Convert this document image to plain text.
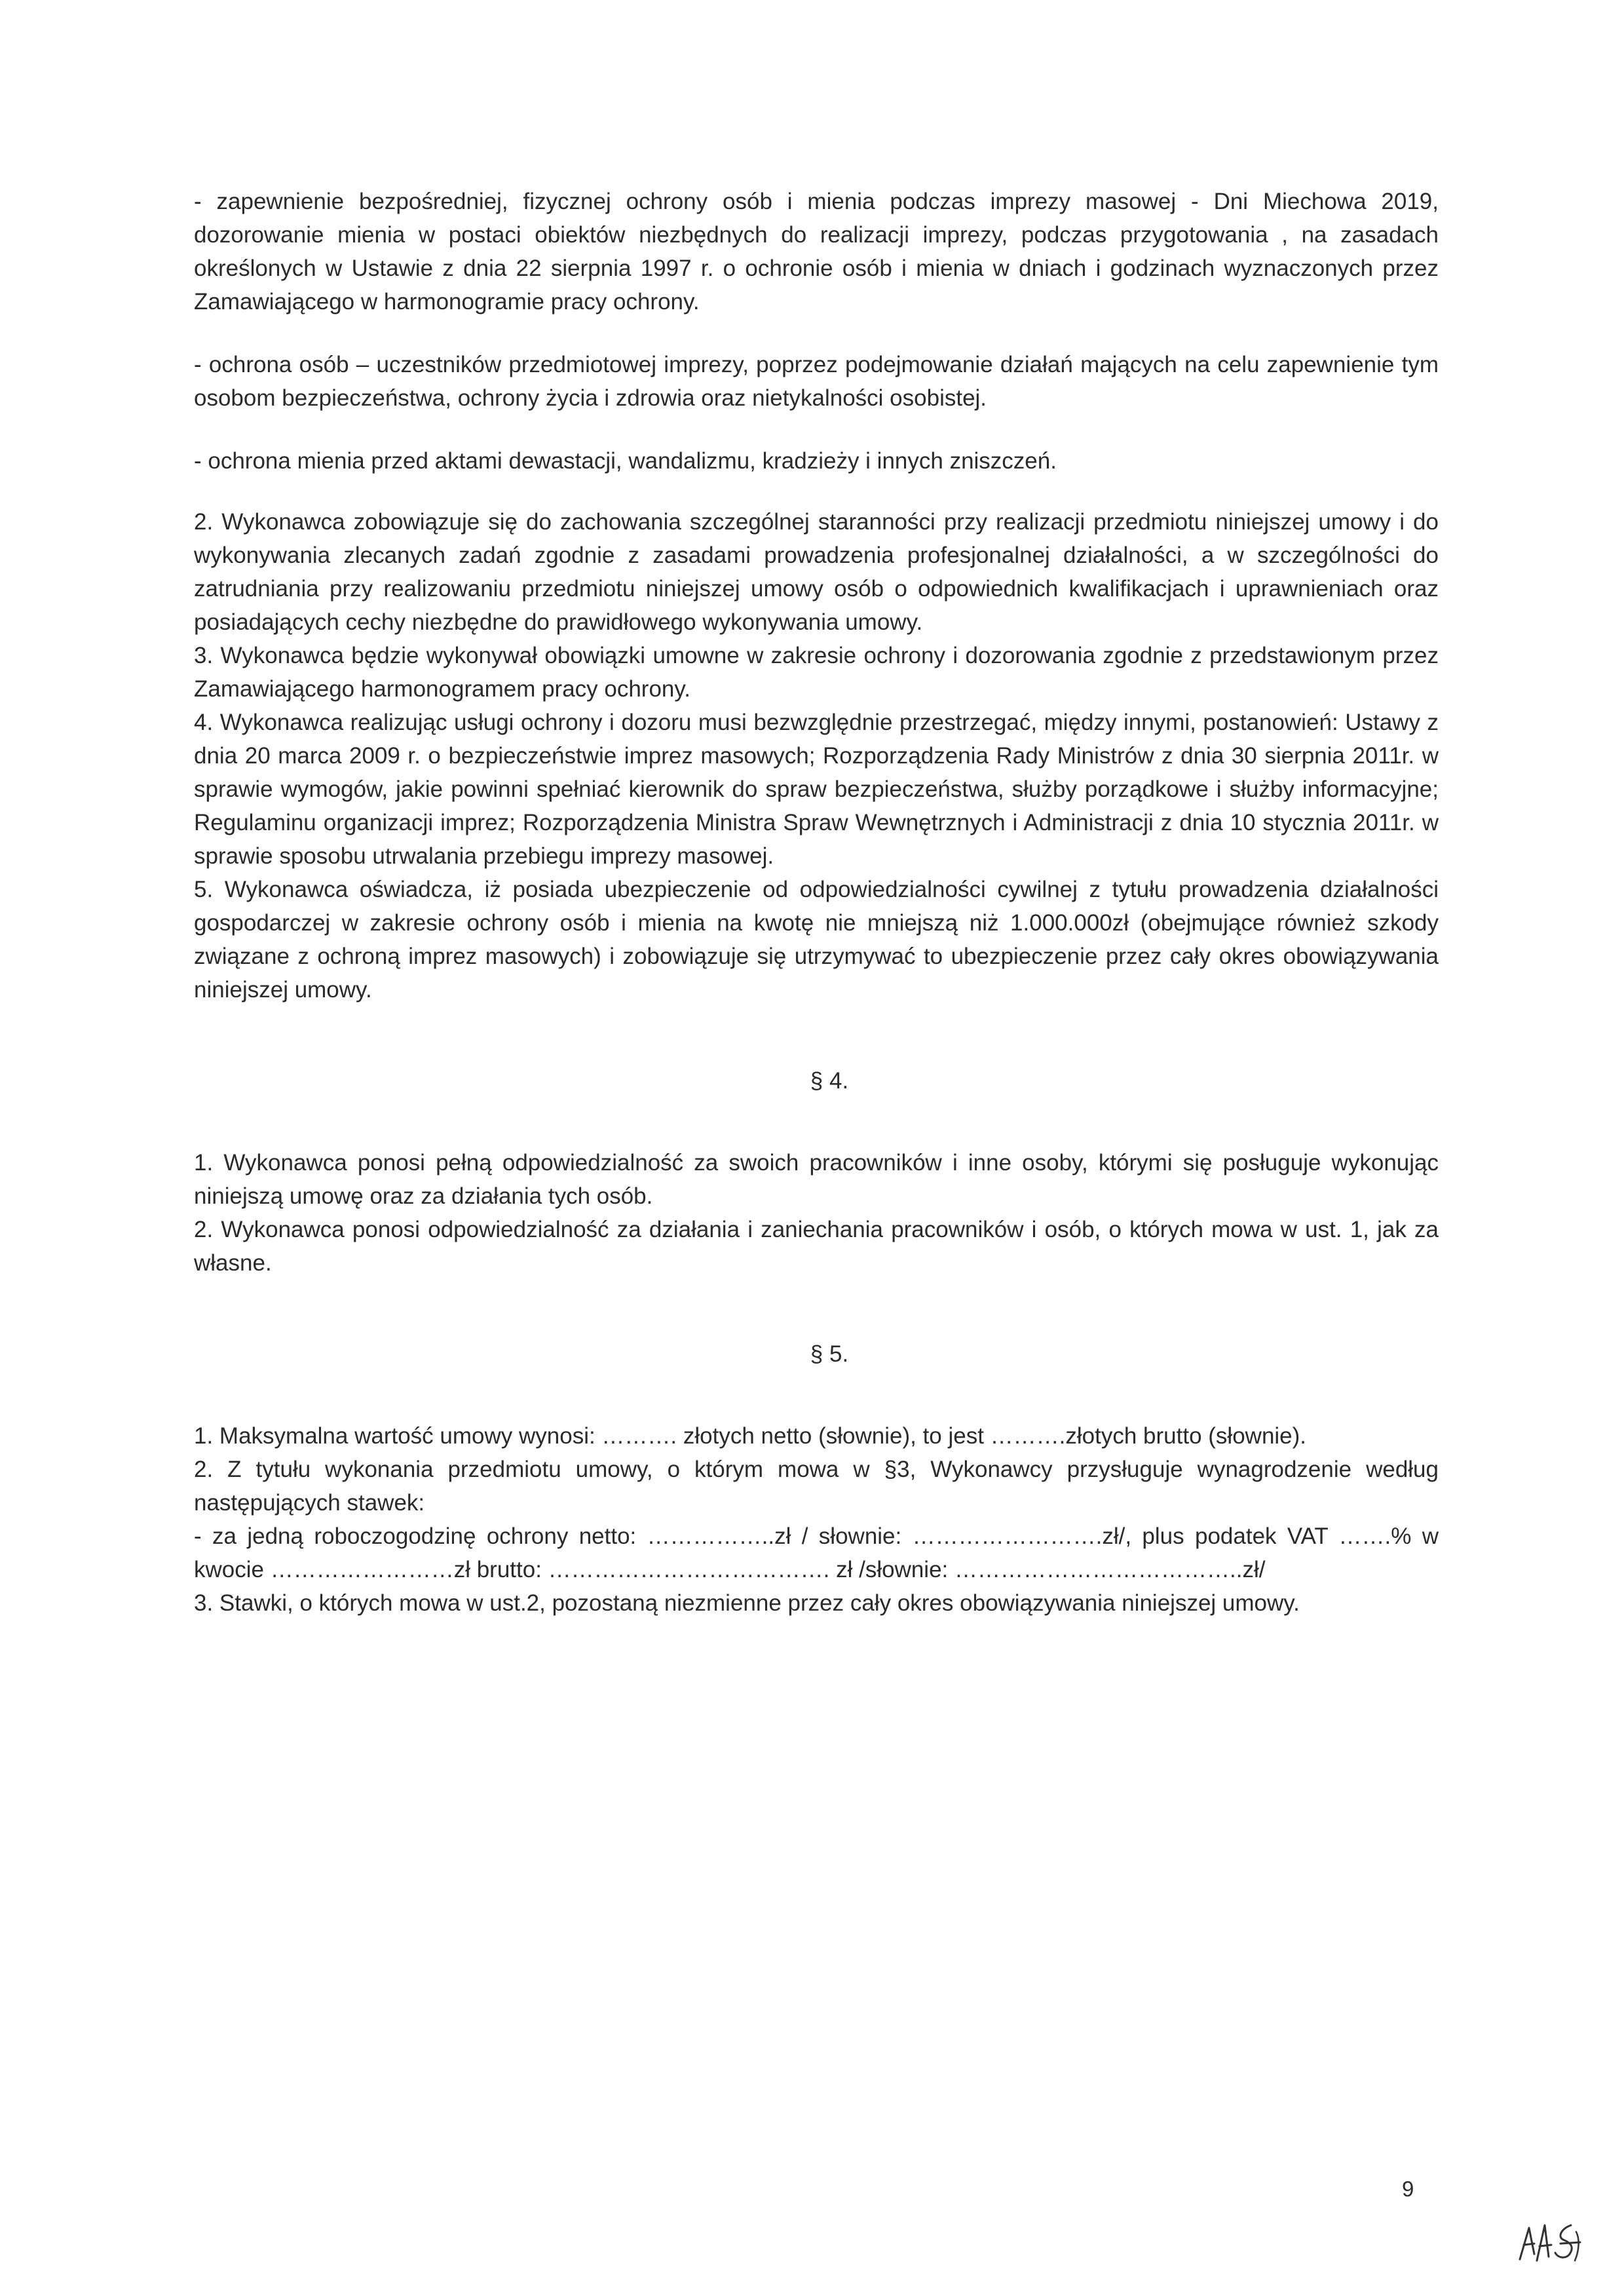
- zapewnienie bezpośredniej, fizycznej ochrony osób i mienia podczas imprezy masowej - Dni Miechowa 2019, dozorowanie mienia w postaci obiektów niezbędnych do realizacji imprezy, podczas przygotowania , na zasadach określonych w Ustawie z dnia 22 sierpnia 1997 r. o ochronie osób i mienia w dniach i godzinach wyznaczonych przez Zamawiającego w harmonogramie pracy ochrony.

- ochrona osób – uczestników przedmiotowej imprezy, poprzez podejmowanie działań mających na celu zapewnienie tym osobom bezpieczeństwa, ochrony życia i zdrowia oraz nietykalności osobistej.

- ochrona mienia przed aktami dewastacji, wandalizmu, kradzieży i innych zniszczeń.

2. Wykonawca zobowiązuje się do zachowania szczególnej staranności przy realizacji przedmiotu niniejszej umowy i do wykonywania zlecanych zadań zgodnie z zasadami prowadzenia profesjonalnej działalności, a w szczególności do zatrudniania przy realizowaniu przedmiotu niniejszej umowy osób o odpowiednich kwalifikacjach i uprawnieniach oraz posiadających cechy niezbędne do prawidłowego wykonywania umowy.

3. Wykonawca będzie wykonywał obowiązki umowne w zakresie ochrony i dozorowania zgodnie z przedstawionym przez Zamawiającego harmonogramem pracy ochrony.

4. Wykonawca realizując usługi ochrony i dozoru musi bezwzględnie przestrzegać, między innymi, postanowień: Ustawy z dnia 20 marca 2009 r. o bezpieczeństwie imprez masowych; Rozporządzenia Rady Ministrów z dnia 30 sierpnia 2011r. w sprawie wymogów, jakie powinni spełniać kierownik do spraw bezpieczeństwa, służby porządkowe i służby informacyjne; Regulaminu organizacji imprez; Rozporządzenia Ministra Spraw Wewnętrznych i Administracji z dnia 10 stycznia 2011r. w sprawie sposobu utrwalania przebiegu imprezy masowej.

5. Wykonawca oświadcza, iż posiada ubezpieczenie od odpowiedzialności cywilnej z tytułu prowadzenia działalności gospodarczej w zakresie ochrony osób i mienia na kwotę nie mniejszą niż 1.000.000zł (obejmujące również szkody związane z ochroną imprez masowych) i zobowiązuje się utrzymywać to ubezpieczenie przez cały okres obowiązywania niniejszej umowy.

§ 4.

1. Wykonawca ponosi pełną odpowiedzialność za swoich pracowników i inne osoby, którymi się posługuje wykonując niniejszą umowę oraz za działania tych osób.

2. Wykonawca ponosi odpowiedzialność za działania i zaniechania pracowników i osób, o których mowa w ust. 1, jak za własne.

§ 5.

1. Maksymalna wartość umowy wynosi: ………. złotych netto (słownie), to jest ……….złotych brutto (słownie).

2. Z tytułu wykonania przedmiotu umowy, o którym mowa w §3, Wykonawcy przysługuje wynagrodzenie według następujących stawek:

- za jedną roboczogodzinę ochrony netto: ……………..zł / słownie: …………………….zł/, plus podatek VAT …….% w kwocie ……………………zł brutto: ………………………………. zł /słownie: ………………………………..zł/

3. Stawki, o których mowa w ust.2, pozostaną niezmienne przez cały okres obowiązywania niniejszej umowy.

9
